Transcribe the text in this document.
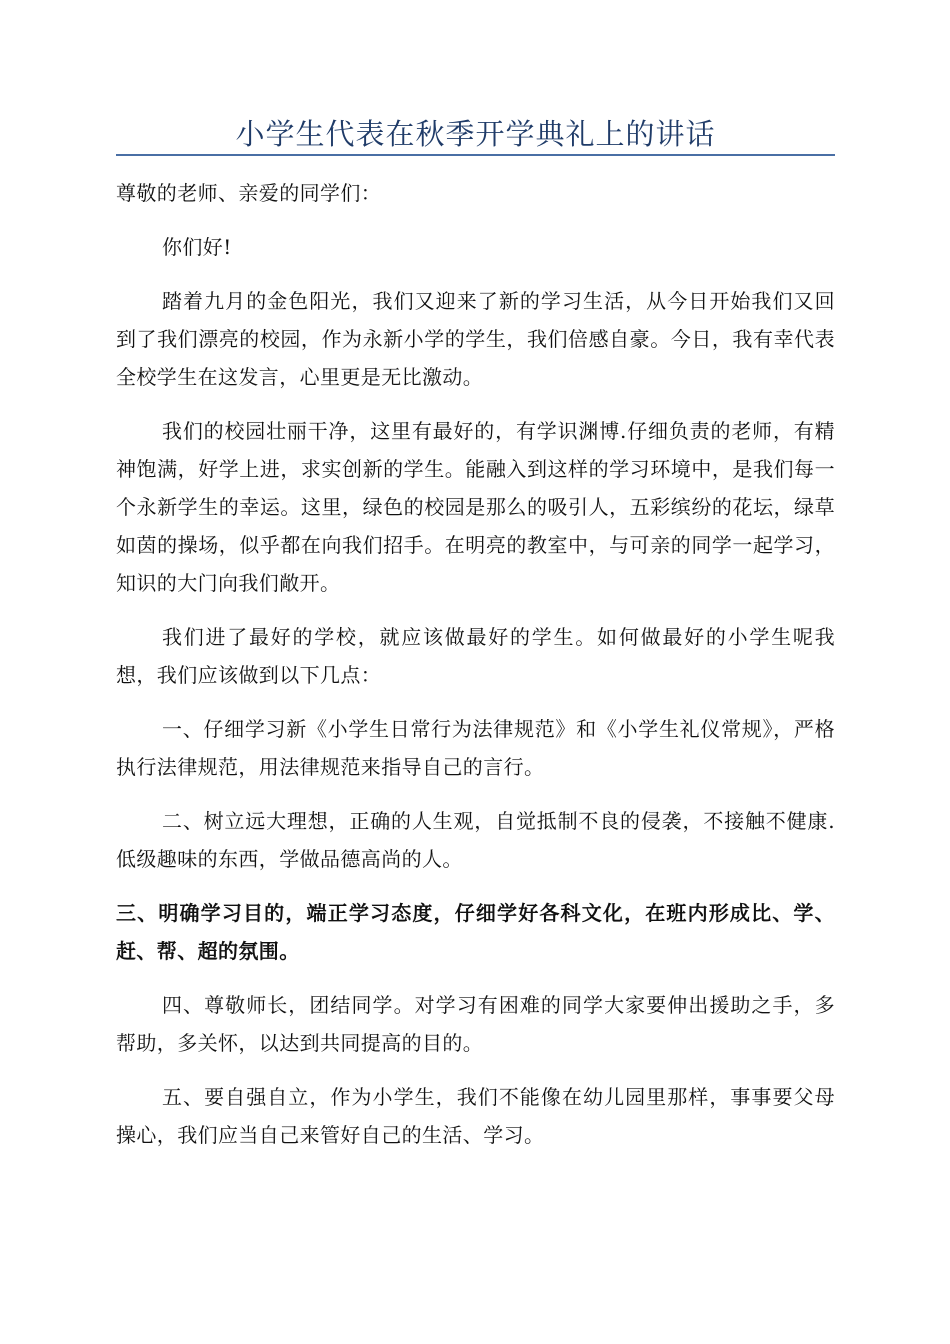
小学生代表在秋季开学典礼上的讲话

尊敬的老师、亲爱的同学们：

你们好!

踏着九月的金色阳光，我们又迎来了新的学习生活，从今日开始我们又回到了我们漂亮的校园，作为永新小学的学生，我们倍感自豪。今日，我有幸代表全校学生在这发言，心里更是无比激动。

我们的校园壮丽干净，这里有最好的，有学识渊博.仔细负责的老师，有精神饱满，好学上进，求实创新的学生。能融入到这样的学习环境中，是我们每一个永新学生的幸运。这里，绿色的校园是那么的吸引人，五彩缤纷的花坛，绿草如茵的操场，似乎都在向我们招手。在明亮的教室中，与可亲的同学一起学习，知识的大门向我们敞开。

我们进了最好的学校，就应该做最好的学生。如何做最好的小学生呢我想，我们应该做到以下几点：

一、仔细学习新《小学生日常行为法律规范》和《小学生礼仪常规》，严格执行法律规范，用法律规范来指导自己的言行。

二、树立远大理想，正确的人生观，自觉抵制不良的侵袭，不接触不健康.低级趣味的东西，学做品德高尚的人。

三、明确学习目的，端正学习态度，仔细学好各科文化，在班内形成比、学、赶、帮、超的氛围。

四、尊敬师长，团结同学。对学习有困难的同学大家要伸出援助之手，多帮助，多关怀，以达到共同提高的目的。

五、要自强自立，作为小学生，我们不能像在幼儿园里那样，事事要父母操心，我们应当自己来管好自己的生活、学习。
